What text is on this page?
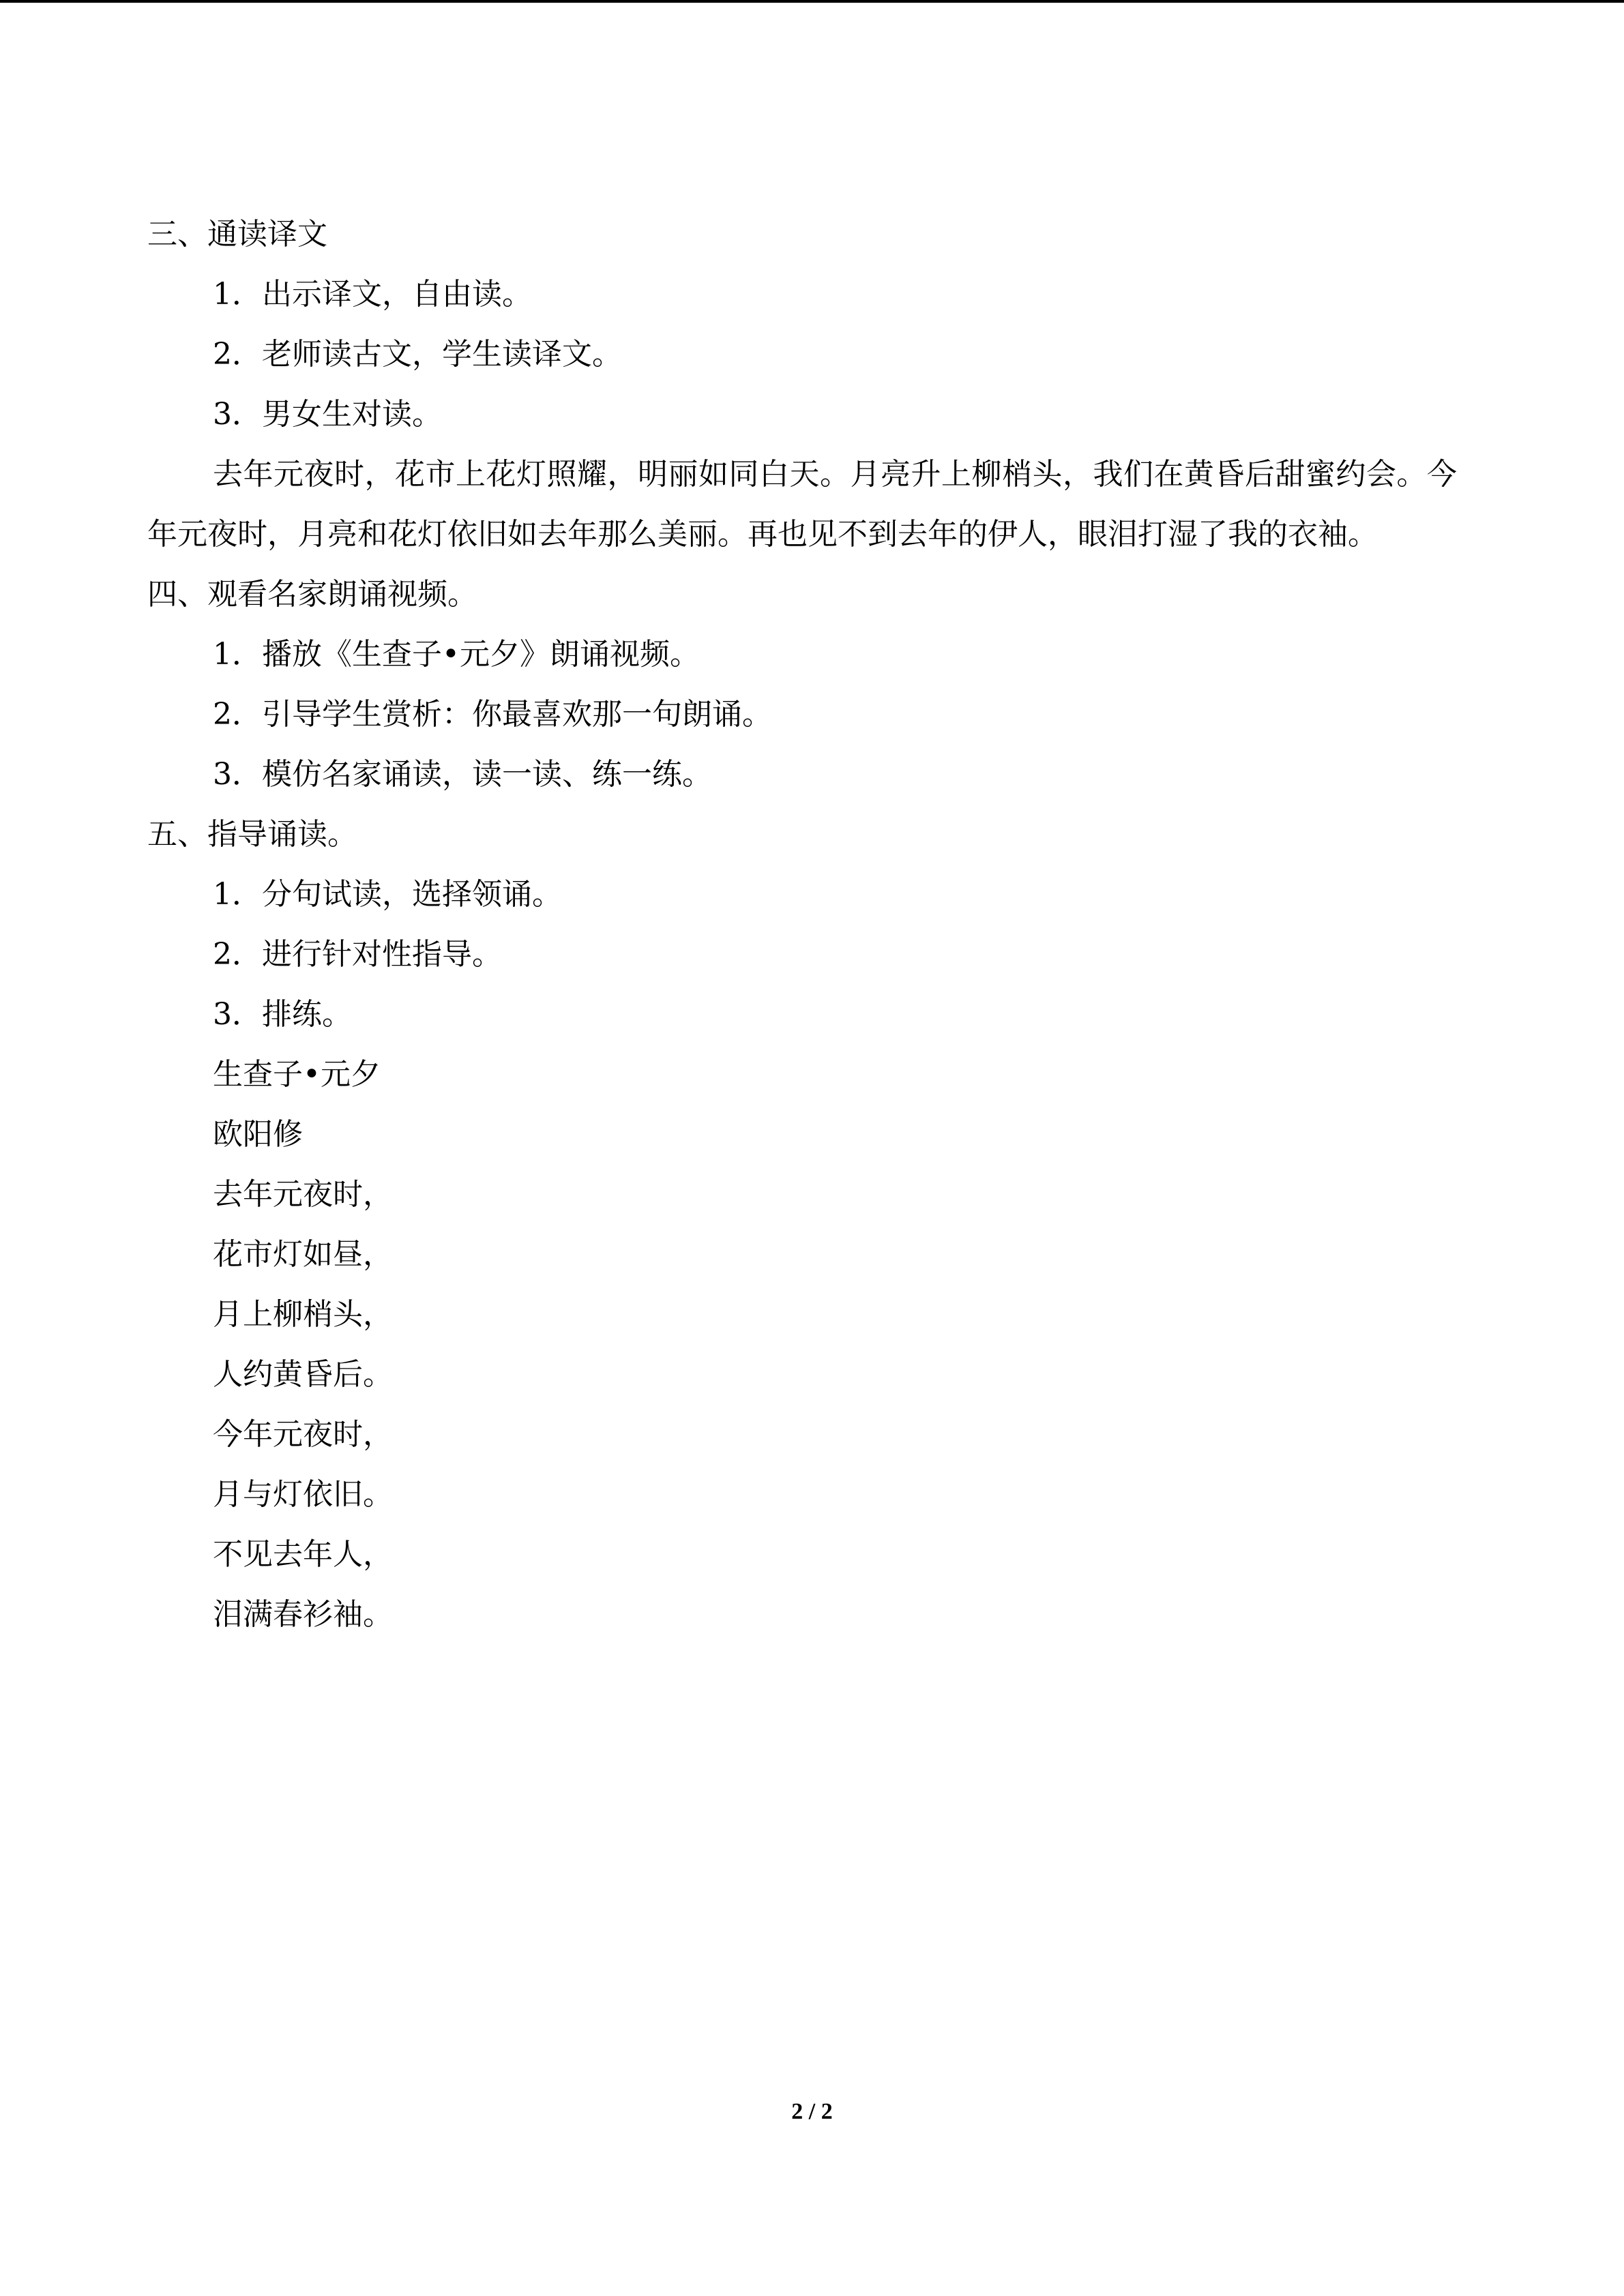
三、通读译文
1．出示译文，自由读。
2．老师读古文，学生读译文。
3．男女生对读。

去年元夜时，花市上花灯照耀，明丽如同白天。月亮升上柳梢头，我们在黄昏后甜蜜约会。今年元夜时，月亮和花灯依旧如去年那么美丽。再也见不到去年的伊人，眼泪打湿了我的衣袖。

四、观看名家朗诵视频。
1．播放《生查子•元夕》朗诵视频。
2．引导学生赏析：你最喜欢那一句朗诵。
3．模仿名家诵读，读一读、练一练。
五、指导诵读。
1．分句试读，选择领诵。
2．进行针对性指导。
3．排练。
生查子•元夕
欧阳修
去年元夜时，
花市灯如昼，
月上柳梢头，
人约黄昏后。
今年元夜时，
月与灯依旧。
不见去年人，
泪满春衫袖。
2 / 2
